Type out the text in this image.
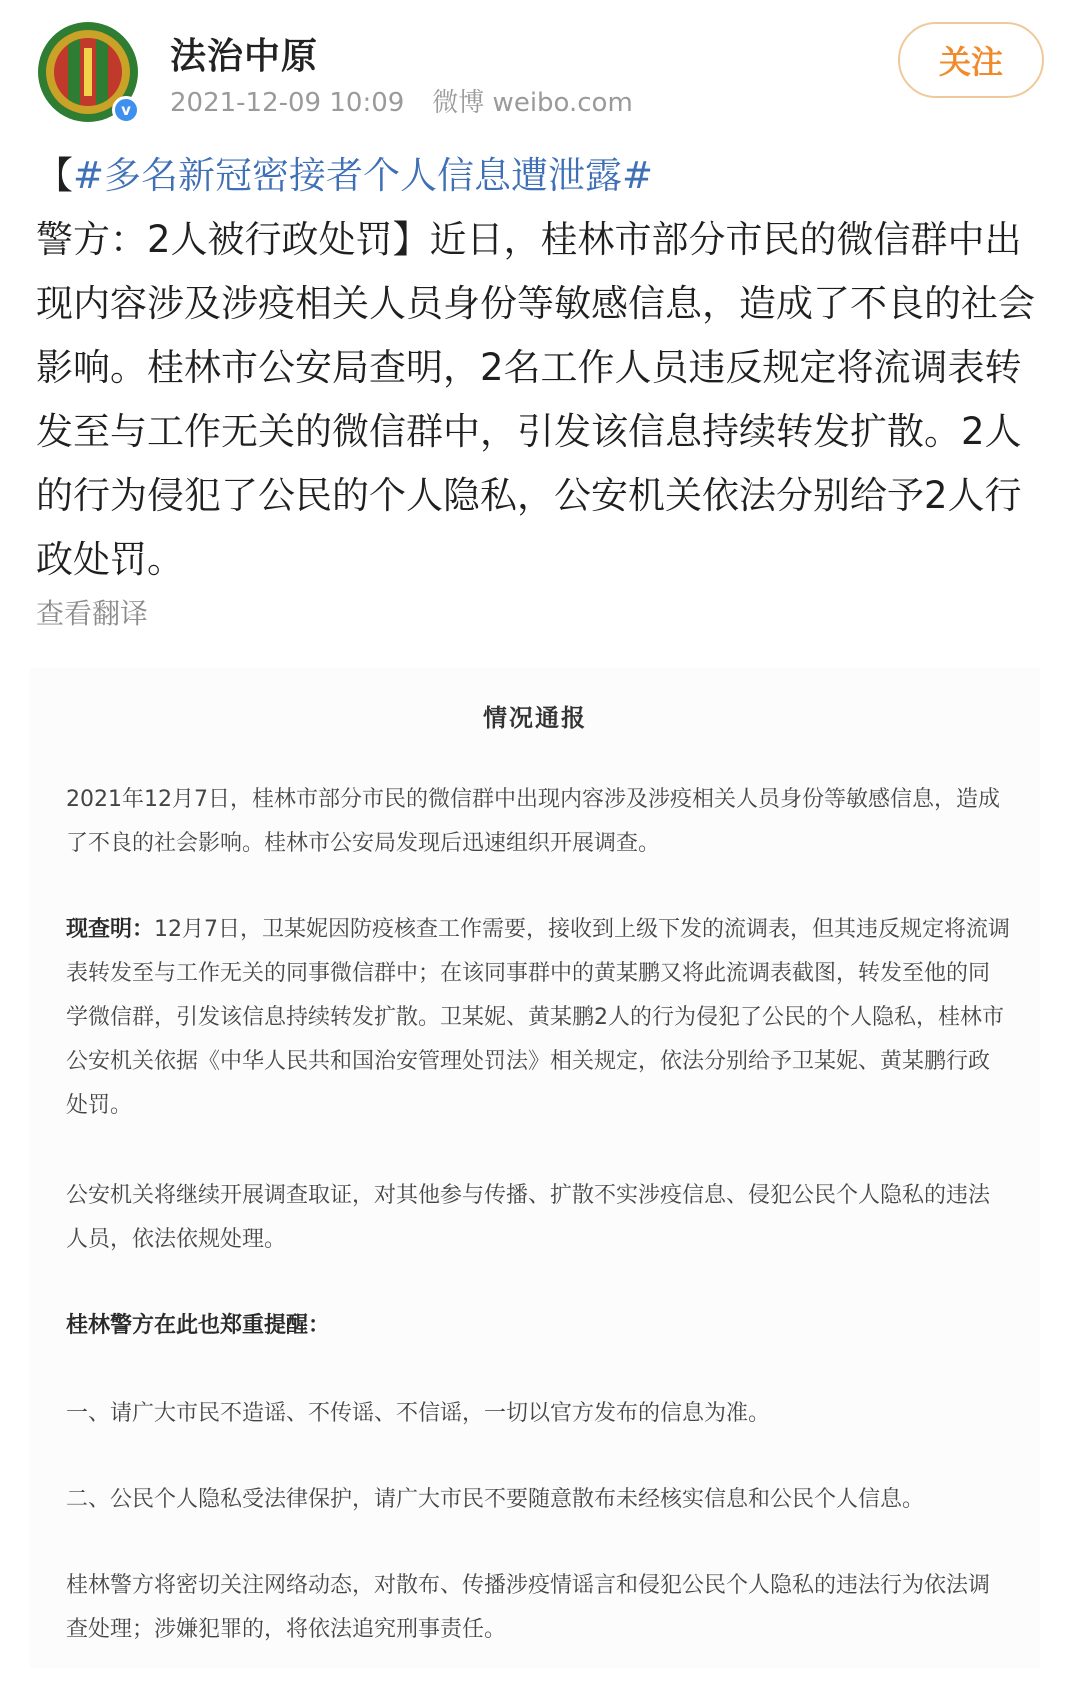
v
法治中原
2021-12-09 10:09 微博 weibo.com
关注
【#多名新冠密接者个人信息遭泄露# 警方：2人被行政处罚】近日，桂林市部分市民的微信群中出现内容涉及涉疫相关人员身份等敏感信息，造成了不良的社会影响。桂林市公安局查明，2名工作人员违反规定将流调表转发至与工作无关的微信群中，引发该信息持续转发扩散。2人的行为侵犯了公民的个人隐私，公安机关依法分别给予2人行政处罚。
查看翻译
情况通报
2021年12月7日，桂林市部分市民的微信群中出现内容涉及涉疫相关人员身份等敏感信息，造成了不良的社会影响。桂林市公安局发现后迅速组织开展调查。
现查明：12月7日，卫某妮因防疫核查工作需要，接收到上级下发的流调表，但其违反规定将流调表转发至与工作无关的同事微信群中；在该同事群中的黄某鹏又将此流调表截图，转发至他的同学微信群，引发该信息持续转发扩散。卫某妮、黄某鹏2人的行为侵犯了公民的个人隐私，桂林市公安机关依据《中华人民共和国治安管理处罚法》相关规定，依法分别给予卫某妮、黄某鹏行政处罚。
公安机关将继续开展调查取证，对其他参与传播、扩散不实涉疫信息、侵犯公民个人隐私的违法人员，依法依规处理。
桂林警方在此也郑重提醒：
一、请广大市民不造谣、不传谣、不信谣，一切以官方发布的信息为准。
二、公民个人隐私受法律保护，请广大市民不要随意散布未经核实信息和公民个人信息。
桂林警方将密切关注网络动态，对散布、传播涉疫情谣言和侵犯公民个人隐私的违法行为依法调查处理；涉嫌犯罪的，将依法追究刑事责任。
